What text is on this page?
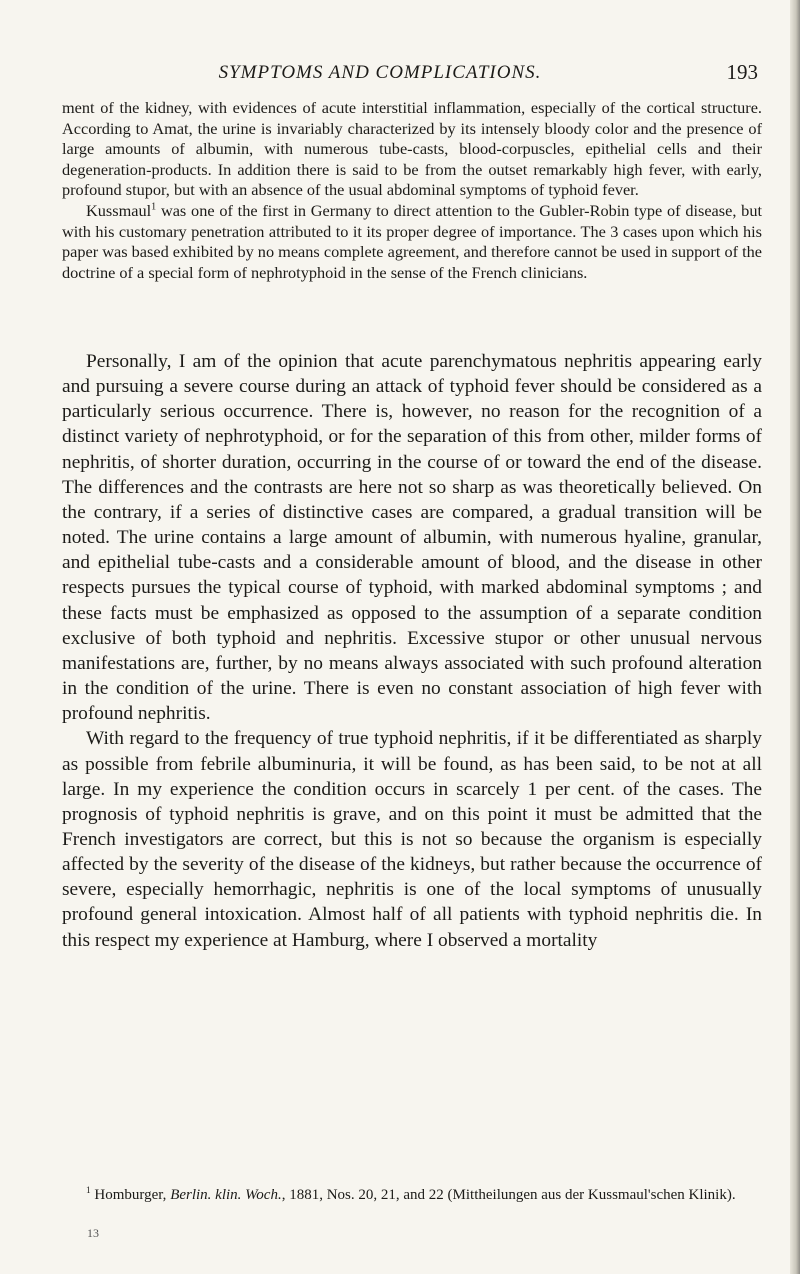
SYMPTOMS AND COMPLICATIONS.	193

ment of the kidney, with evidences of acute interstitial inflammation, especially of the cortical structure. According to Amat, the urine is invariably characterized by its intensely bloody color and the presence of large amounts of albumin, with numerous tube-casts, blood-corpuscles, epithelial cells and their degeneration-products. In addition there is said to be from the outset remarkably high fever, with early, profound stupor, but with an absence of the usual abdominal symptoms of typhoid fever.

Kussmaul$^1$ was one of the first in Germany to direct attention to the Gubler-Robin type of disease, but with his customary penetration attributed to it its proper degree of importance. The 3 cases upon which his paper was based exhibited by no means complete agreement, and therefore cannot be used in support of the doctrine of a special form of nephrotyphoid in the sense of the French clinicians.

Personally, I am of the opinion that acute parenchymatous nephritis appearing early and pursuing a severe course during an attack of typhoid fever should be considered as a particularly serious occurrence. There is, however, no reason for the recognition of a distinct variety of nephrotyphoid, or for the separation of this from other, milder forms of nephritis, of shorter duration, occurring in the course of or toward the end of the disease. The differences and the contrasts are here not so sharp as was theoretically believed. On the contrary, if a series of distinctive cases are compared, a gradual transition will be noted. The urine contains a large amount of albumin, with numerous hyaline, granular, and epithelial tube-casts and a considerable amount of blood, and the disease in other respects pursues the typical course of typhoid, with marked abdominal symptoms ; and these facts must be emphasized as opposed to the assumption of a separate condition exclusive of both typhoid and nephritis. Excessive stupor or other unusual nervous manifestations are, further, by no means always associated with such profound alteration in the condition of the urine. There is even no constant association of high fever with profound nephritis.

With regard to the frequency of true typhoid nephritis, if it be differentiated as sharply as possible from febrile albuminuria, it will be found, as has been said, to be not at all large. In my experience the condition occurs in scarcely 1 per cent. of the cases. The prognosis of typhoid nephritis is grave, and on this point it must be admitted that the French investigators are correct, but this is not so because the organism is especially affected by the severity of the disease of the kidneys, but rather because the occurrence of severe, especially hemorrhagic, nephritis is one of the local symptoms of unusually profound general intoxication. Almost half of all patients with typhoid nephritis die. In this respect my experience at Hamburg, where I observed a mortality

$^1$ Homburger, Berlin. klin. Woch., 1881, Nos. 20, 21, and 22 (Mittheilungen aus der Kussmaul'schen Klinik).

13
